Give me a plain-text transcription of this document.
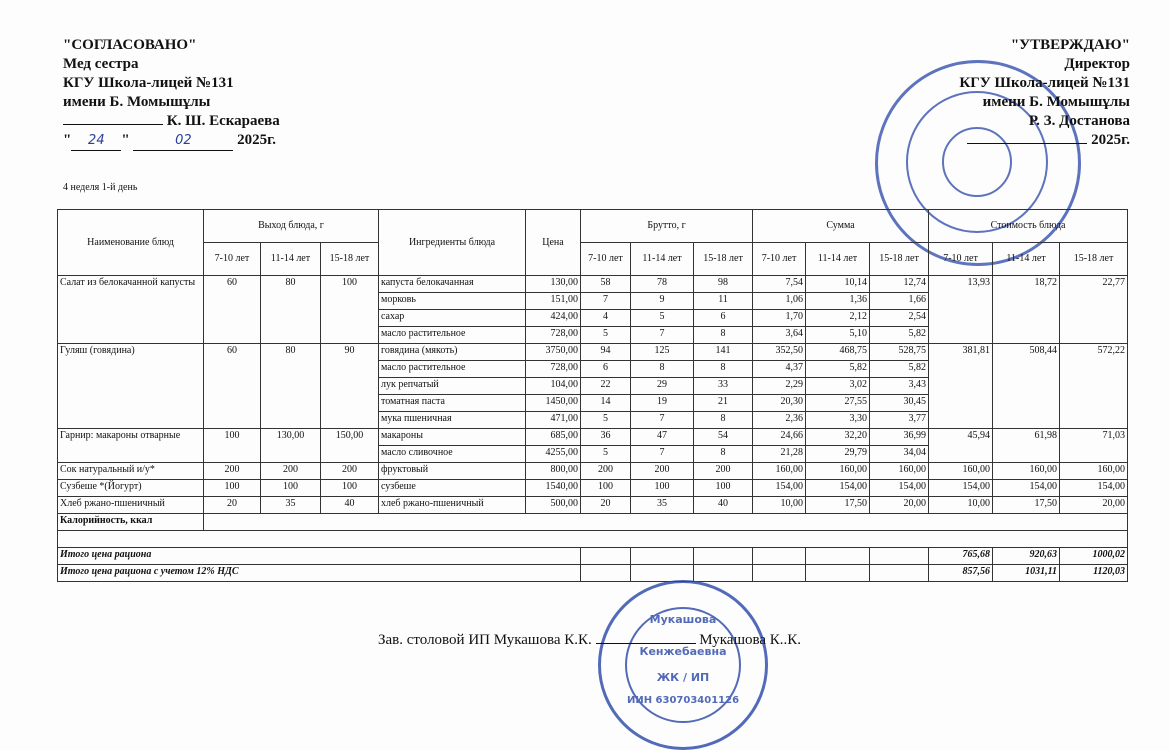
"СОГЛАСОВАНО"
Мед сестра
КГУ Школа-лицей №131
имени Б. Момышұлы
К. Ш. Ескараева
" 24 "	02	2025г.
"УТВЕРЖДАЮ"
Директор
КГУ Школа-лицей №131
имени Б. Момышұлы
Р. З. Достанова
2025г.
4 неделя 1-й день
Наименование блюд	Выход блюда, г			Ингредиенты блюда	Цена	Брутто, г			Сумма			Стоимость блюда		
	7-10 лет	11-14 лет	15-18 лет			7-10 лет	11-14 лет	15-18 лет	7-10 лет	11-14 лет	15-18 лет	7-10 лет	11-14 лет	15-18 лет
Салат из белокачанной капусты	60	80	100	капуста белокачанная	130,00	58	78	98	7,54	10,14	12,74	13,93	18,72	22,77
				морковь	151,00	7	9	11	1,06	1,36	1,66			
				сахар	424,00	4	5	6	1,70	2,12	2,54			
				масло растительное	728,00	5	7	8	3,64	5,10	5,82			
Гуляш (говядина)	60	80	90	говядина (мякоть)	3750,00	94	125	141	352,50	468,75	528,75	381,81	508,44	572,22
				масло растительное	728,00	6	8	8	4,37	5,82	5,82			
				лук репчатый	104,00	22	29	33	2,29	3,02	3,43			
				томатная паста	1450,00	14	19	21	20,30	27,55	30,45			
				мука пшеничная	471,00	5	7	8	2,36	3,30	3,77			
Гарнир: макароны отварные	100	130,00	150,00	макароны	685,00	36	47	54	24,66	32,20	36,99	45,94	61,98	71,03
				масло сливочное	4255,00	5	7	8	21,28	29,79	34,04			
Сок натуральный и/у*	200	200	200	фруктовый	800,00	200	200	200	160,00	160,00	160,00	160,00	160,00	160,00
Сузбеше *(Йогурт)	100	100	100	сузбеше	1540,00	100	100	100	154,00	154,00	154,00	154,00	154,00	154,00
Хлеб ржано-пшеничный	20	35	40	хлеб ржано-пшеничный	500,00	20	35	40	10,00	17,50	20,00	10,00	17,50	20,00
Калорийность, ккал														

Итого цена рациона												765,68	920,63	1000,02
Итого цена рациона с учетом 12% НДС												857,56	1031,11	1120,03
Мукашова
Кенжебаевна
ЖК / ИП
ИИН 630703401126
Зав. столовой ИП Мукашова К.К.	Мукашова К..К.
